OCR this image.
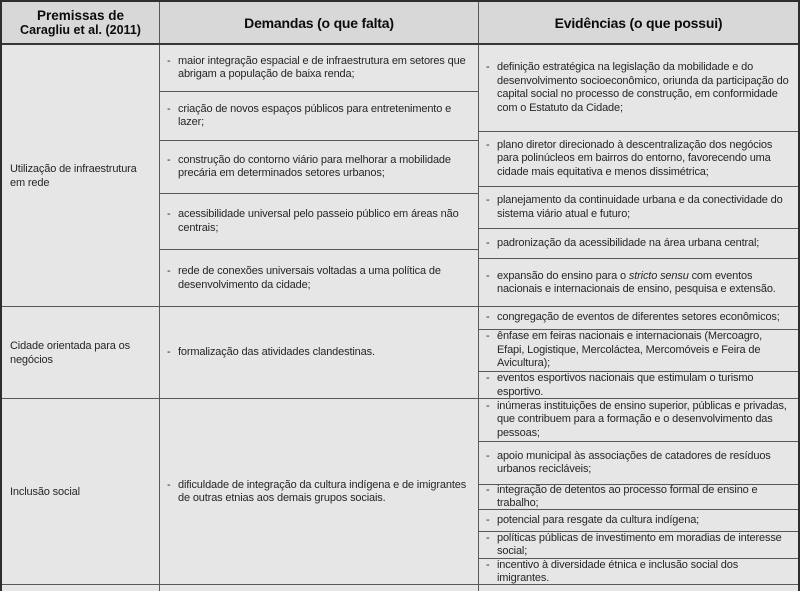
Premissas de
Caragliu et al. (2011)	Demandas (o que falta)	Evidências (o que possui)
Utilização de infraestrutura em rede
- maior integração espacial e de infraestrutura em setores que abrigam a população de baixa renda;
- criação de novos espaços públicos para entretenimento e lazer;
- construção do contorno viário para melhorar a mobilidade precária em determinados setores urbanos;
- acessibilidade universal pelo passeio público em áreas não centrais;
- rede de conexões universais voltadas a uma política de desenvolvimento da cidade;
- definição estratégica na legislação da mobilidade e do desenvolvimento socioeconômico, oriunda da participação do capital social no processo de construção, em conformidade com o Estatuto da Cidade;
- plano diretor direcionado à descentralização dos negócios para polinúcleos em bairros do entorno, favorecendo uma cidade mais equitativa e menos dissimétrica;
- planejamento da continuidade urbana e da conectividade do sistema viário atual e futuro;
- padronização da acessibilidade na área urbana central;
- expansão do ensino para o stricto sensu com eventos nacionais e internacionais de ensino, pesquisa e extensão.
Cidade orientada para os negócios
- formalização das atividades clandestinas.
- congregação de eventos de diferentes setores econômicos;
- ênfase em feiras nacionais e internacionais (Mercoagro, Efapi, Logistique, Mercoláctea, Mercomóveis e Feira de Avicultura);
- eventos esportivos nacionais que estimulam o turismo esportivo.
Inclusão social
- dificuldade de integração da cultura indígena e de imigrantes de outras etnias aos demais grupos sociais.
- inúmeras instituições de ensino superior, públicas e privadas, que contribuem para a formação e o desenvolvimento das pessoas;
- apoio municipal às associações de catadores de resíduos urbanos recicláveis;
- integração de detentos ao processo formal de ensino e trabalho;
- potencial para resgate da cultura indígena;
- políticas públicas de investimento em moradias de interesse social;
- incentivo à diversidade étnica e inclusão social dos imigrantes.
